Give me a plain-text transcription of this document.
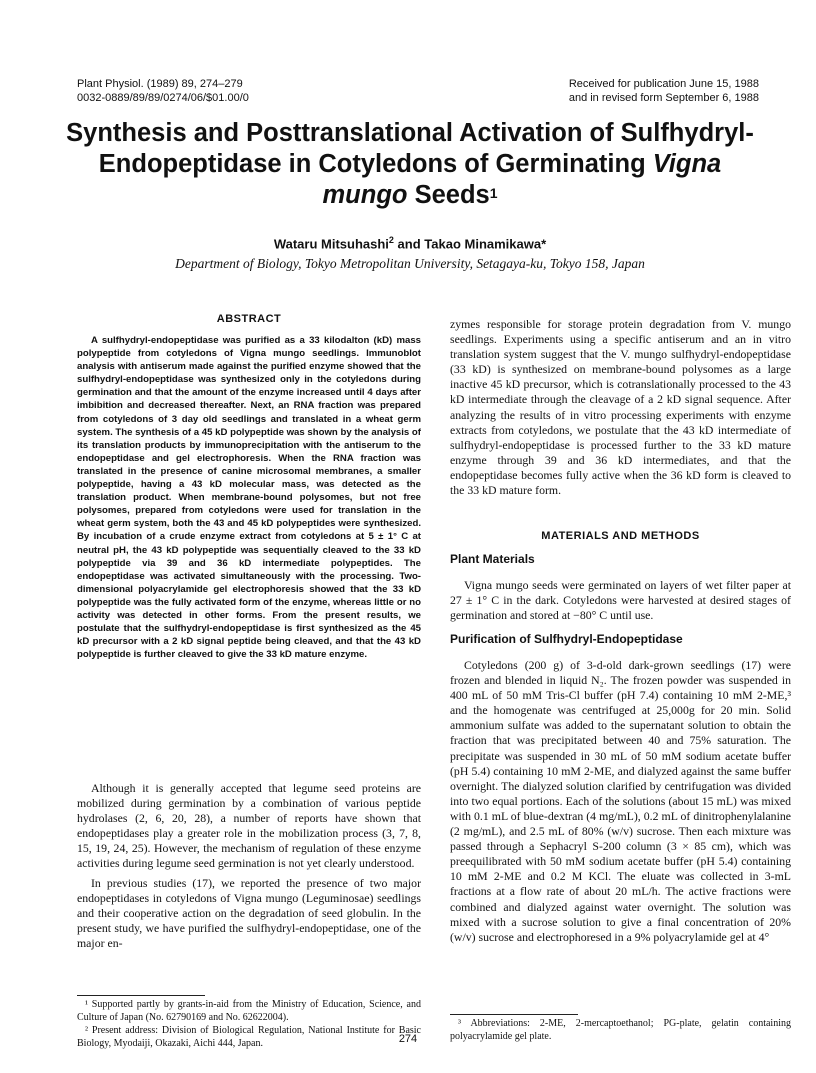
Plant Physiol. (1989) 89, 274–279
0032-0889/89/89/0274/06/$01.00/0
Received for publication June 15, 1988
and in revised form September 6, 1988
Synthesis and Posttranslational Activation of Sulfhydryl-Endopeptidase in Cotyledons of Germinating Vigna mungo Seeds$^1$
Wataru Mitsuhashi$^2$ and Takao Minamikawa*
Department of Biology, Tokyo Metropolitan University, Setagaya-ku, Tokyo 158, Japan
ABSTRACT
A sulfhydryl-endopeptidase was purified as a 33 kilodalton (kD) mass polypeptide from cotyledons of Vigna mungo seedlings. Immunoblot analysis with antiserum made against the purified enzyme showed that the sulfhydryl-endopeptidase was synthesized only in the cotyledons during germination and that the amount of the enzyme increased until 4 days after imbibition and decreased thereafter. Next, an RNA fraction was prepared from cotyledons of 3 day old seedlings and translated in a wheat germ system. The synthesis of a 45 kD polypeptide was shown by the analysis of its translation products by immunoprecipitation with the antiserum to the endopeptidase and gel electrophoresis. When the RNA fraction was translated in the presence of canine microsomal membranes, a smaller polypeptide, having a 43 kD molecular mass, was detected as the translation product. When membrane-bound polysomes, but not free polysomes, prepared from cotyledons were used for translation in the wheat germ system, both the 43 and 45 kD polypeptides were synthesized. By incubation of a crude enzyme extract from cotyledons at 5 ± 1° C at neutral pH, the 43 kD polypeptide was sequentially cleaved to the 33 kD polypeptide via 39 and 36 kD intermediate polypeptides. The endopeptidase was activated simultaneously with the processing. Two-dimensional polyacrylamide gel electrophoresis showed that the 33 kD polypeptide was the fully activated form of the enzyme, whereas little or no activity was detected in other forms. From the present results, we postulate that the sulfhydryl-endopeptidase is first synthesized as the 45 kD precursor with a 2 kD signal peptide being cleaved, and that the 43 kD polypeptide is further cleaved to give the 33 kD mature enzyme.

Although it is generally accepted that legume seed proteins are mobilized during germination by a combination of various peptide hydrolases (2, 6, 20, 28), a number of reports have shown that endopeptidases play a greater role in the mobilization process (3, 7, 8, 15, 19, 24, 25). However, the mechanism of regulation of these enzyme activities during legume seed germination is not yet clearly understood.

In previous studies (17), we reported the presence of two major endopeptidases in cotyledons of Vigna mungo (Leguminosae) seedlings and their cooperative action on the degradation of seed globulin. In the present study, we have purified the sulfhydryl-endopeptidase, one of the major en-

zymes responsible for storage protein degradation from V. mungo seedlings. Experiments using a specific antiserum and an in vitro translation system suggest that the V. mungo sulfhydryl-endopeptidase (33 kD) is synthesized on membrane-bound polysomes as a large inactive 45 kD precursor, which is cotranslationally processed to the 43 kD intermediate through the cleavage of a 2 kD signal sequence. After analyzing the results of in vitro processing experiments with enzyme extracts from cotyledons, we postulate that the 43 kD intermediate of sulfhydryl-endopeptidase is processed further to the 33 kD mature enzyme through 39 and 36 kD intermediates, and that the endopeptidase becomes fully active when the 36 kD form is cleaved to the 33 kD mature form.

MATERIALS AND METHODS
Plant Materials

Vigna mungo seeds were germinated on layers of wet filter paper at 27 ± 1° C in the dark. Cotyledons were harvested at desired stages of germination and stored at −80° C until use.

Purification of Sulfhydryl-Endopeptidase

Cotyledons (200 g) of 3-d-old dark-grown seedlings (17) were frozen and blended in liquid N₂. The frozen powder was suspended in 400 mL of 50 mM Tris-Cl buffer (pH 7.4) containing 10 mM 2-ME,³ and the homogenate was centrifuged at 25,000g for 20 min. Solid ammonium sulfate was added to the supernatant solution to obtain the fraction that was precipitated between 40 and 75% saturation. The precipitate was suspended in 30 mL of 50 mM sodium acetate buffer (pH 5.4) containing 10 mM 2-ME, and dialyzed against the same buffer overnight. The dialyzed solution clarified by centrifugation was divided into two equal portions. Each of the solutions (about 15 mL) was mixed with 0.1 mL of blue-dextran (4 mg/mL), 0.2 mL of dinitrophenylalanine (2 mg/mL), and 2.5 mL of 80% (w/v) sucrose. Then each mixture was passed through a Sephacryl S-200 column (3 × 85 cm), which was preequilibrated with 50 mM sodium acetate buffer (pH 5.4) containing 10 mM 2-ME and 0.2 M KCl. The eluate was collected in 3-mL fractions at a flow rate of about 20 mL/h. The active fractions were combined and dialyzed against water overnight. The solution was mixed with a sucrose solution to give a final concentration of 20% (w/v) sucrose and electrophoresed in a 9% polyacrylamide gel at 4°

¹ Supported partly by grants-in-aid from the Ministry of Education, Science, and Culture of Japan (No. 62790169 and No. 62622004).

² Present address: Division of Biological Regulation, National Institute for Basic Biology, Myodaiji, Okazaki, Aichi 444, Japan.

³ Abbreviations: 2-ME, 2-mercaptoethanol; PG-plate, gelatin containing polyacrylamide gel plate.

274
